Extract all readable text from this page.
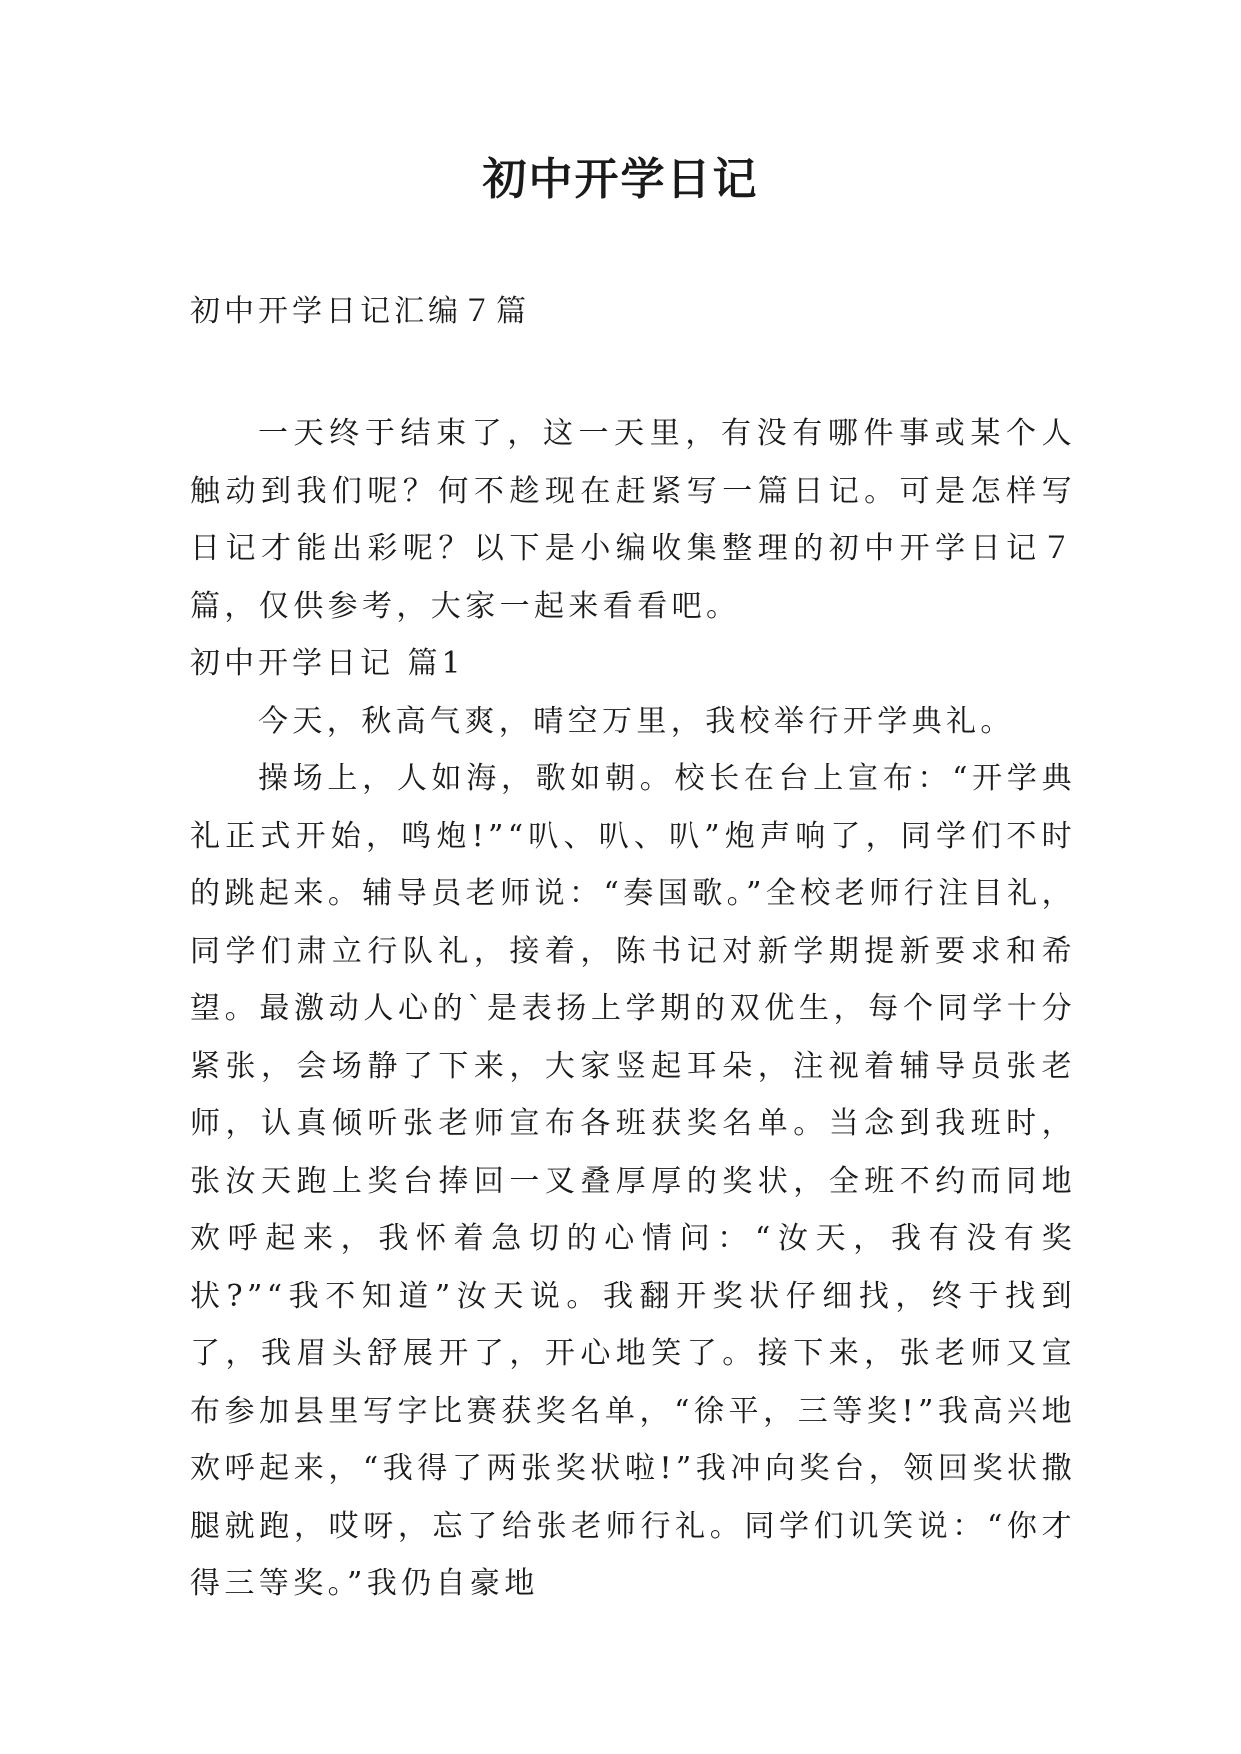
初中开学日记

初中开学日记汇编７篇

一天终于结束了，这一天里，有没有哪件事或某个人触动到我们呢？何不趁现在赶紧写一篇日记。可是怎样写日记才能出彩呢？以下是小编收集整理的初中开学日记７篇，仅供参考，大家一起来看看吧。

初中开学日记 篇1

今天，秋高气爽，晴空万里，我校举行开学典礼。

操场上，人如海，歌如朝。校长在台上宣布：“开学典礼正式开始，鸣炮!”“叭、叭、叭”炮声响了，同学们不时的跳起来。辅导员老师说：“奏国歌。”全校老师行注目礼，同学们肃立行队礼，接着，陈书记对新学期提新要求和希望。最激动人心的`是表扬上学期的双优生，每个同学十分紧张，会场静了下来，大家竖起耳朵，注视着辅导员张老师，认真倾听张老师宣布各班获奖名单。当念到我班时，张汝天跑上奖台捧回一叉叠厚厚的奖状，全班不约而同地欢呼起来，我怀着急切的心情问：“汝天，我有没有奖状?”“我不知道”汝天说。我翻开奖状仔细找，终于找到了，我眉头舒展开了，开心地笑了。接下来，张老师又宣布参加县里写字比赛获奖名单，“徐平，三等奖!”我高兴地欢呼起来，“我得了两张奖状啦!”我冲向奖台，领回奖状撒腿就跑，哎呀，忘了给张老师行礼。同学们讥笑说：“你才得三等奖。”我仍自豪地
